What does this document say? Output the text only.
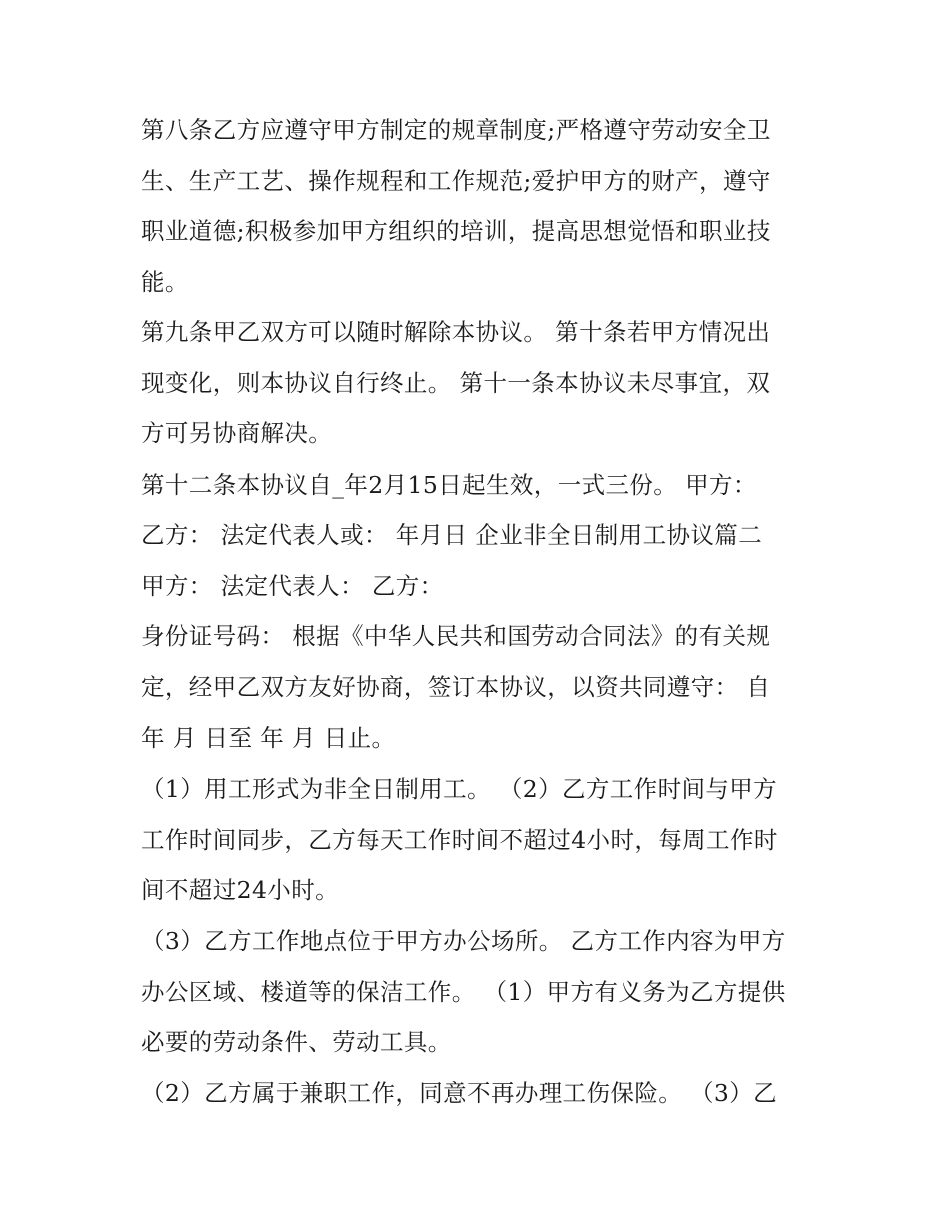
第八条乙方应遵守甲方制定的规章制度;严格遵守劳动安全卫
生、生产工艺、操作规程和工作规范;爱护甲方的财产，遵守
职业道德;积极参加甲方组织的培训，提高思想觉悟和职业技
能。
第九条甲乙双方可以随时解除本协议。 第十条若甲方情况出
现变化，则本协议自行终止。 第十一条本协议未尽事宜，双
方可另协商解决。
第十二条本协议自_年2月15日起生效，一式三份。 甲方：
乙方： 法定代表人或： 年月日 企业非全日制用工协议篇二
甲方： 法定代表人： 乙方：
身份证号码： 根据《中华人民共和国劳动合同法》的有关规
定，经甲乙双方友好协商，签订本协议，以资共同遵守： 自
年 月 日至 年 月 日止。
（1）用工形式为非全日制用工。 （2）乙方工作时间与甲方
工作时间同步，乙方每天工作时间不超过4小时，每周工作时
间不超过24小时。
（3）乙方工作地点位于甲方办公场所。 乙方工作内容为甲方
办公区域、楼道等的保洁工作。 （1）甲方有义务为乙方提供
必要的劳动条件、劳动工具。
（2）乙方属于兼职工作，同意不再办理工伤保险。 （3）乙
